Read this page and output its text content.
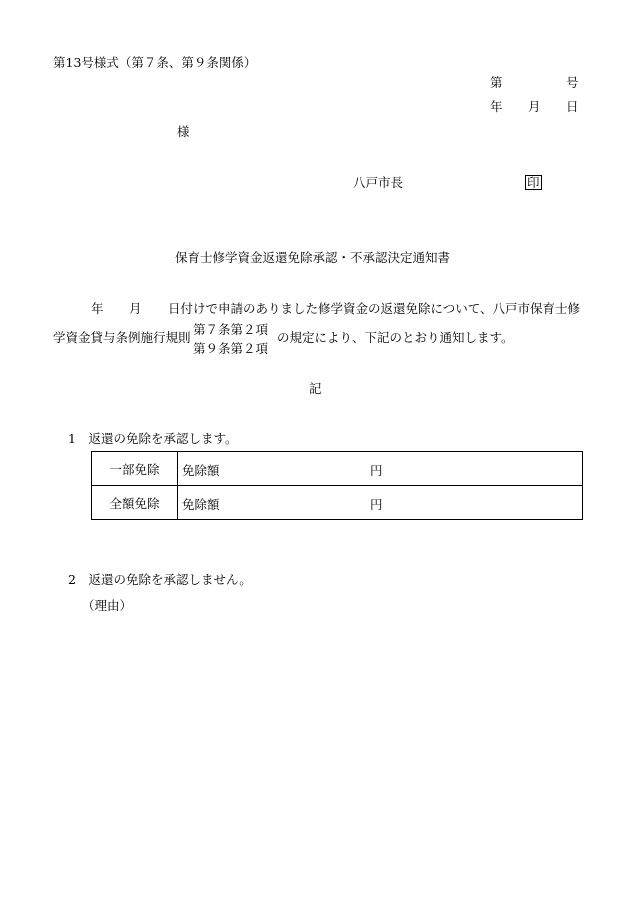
第13号様式（第７条、第９条関係）
第	号
年 月 日
様
八戸市長	印
保育士修学資金返還免除承認・不承認決定通知書
年 月 日付けで申請のありました修学資金の返還免除について、八戸市保育士修
学資金貸与条例施行規則
第７条第２項
第９条第２項
の規定により、下記のとおり通知します。
記
1　返還の免除を承認します。
一部免除	免除額 円

全額免除	免除額 円
2　返還の免除を承認しません。
（理由）
